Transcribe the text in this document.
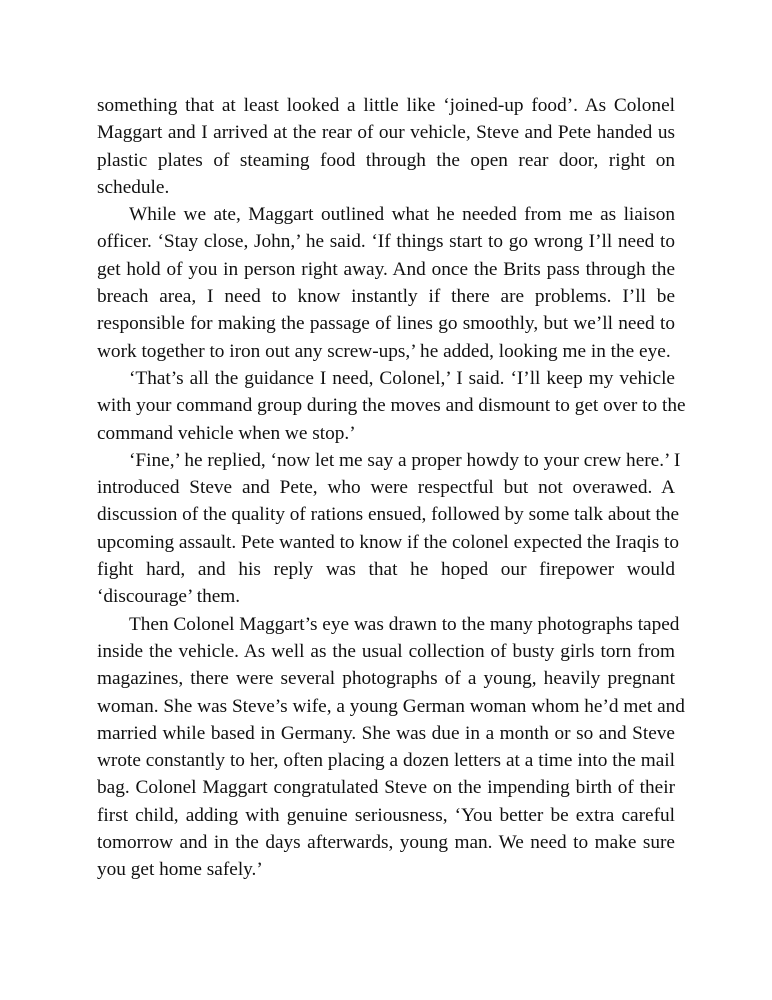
something that at least looked a little like ‘joined-up food’. As Colonel
Maggart and I arrived at the rear of our vehicle, Steve and Pete handed us
plastic plates of steaming food through the open rear door, right on
schedule.
While we ate, Maggart outlined what he needed from me as liaison
officer. ‘Stay close, John,’ he said. ‘If things start to go wrong I’ll need to
get hold of you in person right away. And once the Brits pass through the
breach area, I need to know instantly if there are problems. I’ll be
responsible for making the passage of lines go smoothly, but we’ll need to
work together to iron out any screw-ups,’ he added, looking me in the eye.
‘That’s all the guidance I need, Colonel,’ I said. ‘I’ll keep my vehicle
with your command group during the moves and dismount to get over to the
command vehicle when we stop.’
‘Fine,’ he replied, ‘now let me say a proper howdy to your crew here.’ I
introduced Steve and Pete, who were respectful but not overawed. A
discussion of the quality of rations ensued, followed by some talk about the
upcoming assault. Pete wanted to know if the colonel expected the Iraqis to
fight hard, and his reply was that he hoped our firepower would
‘discourage’ them.
Then Colonel Maggart’s eye was drawn to the many photographs taped
inside the vehicle. As well as the usual collection of busty girls torn from
magazines, there were several photographs of a young, heavily pregnant
woman. She was Steve’s wife, a young German woman whom he’d met and
married while based in Germany. She was due in a month or so and Steve
wrote constantly to her, often placing a dozen letters at a time into the mail
bag. Colonel Maggart congratulated Steve on the impending birth of their
first child, adding with genuine seriousness, ‘You better be extra careful
tomorrow and in the days afterwards, young man. We need to make sure
you get home safely.’
